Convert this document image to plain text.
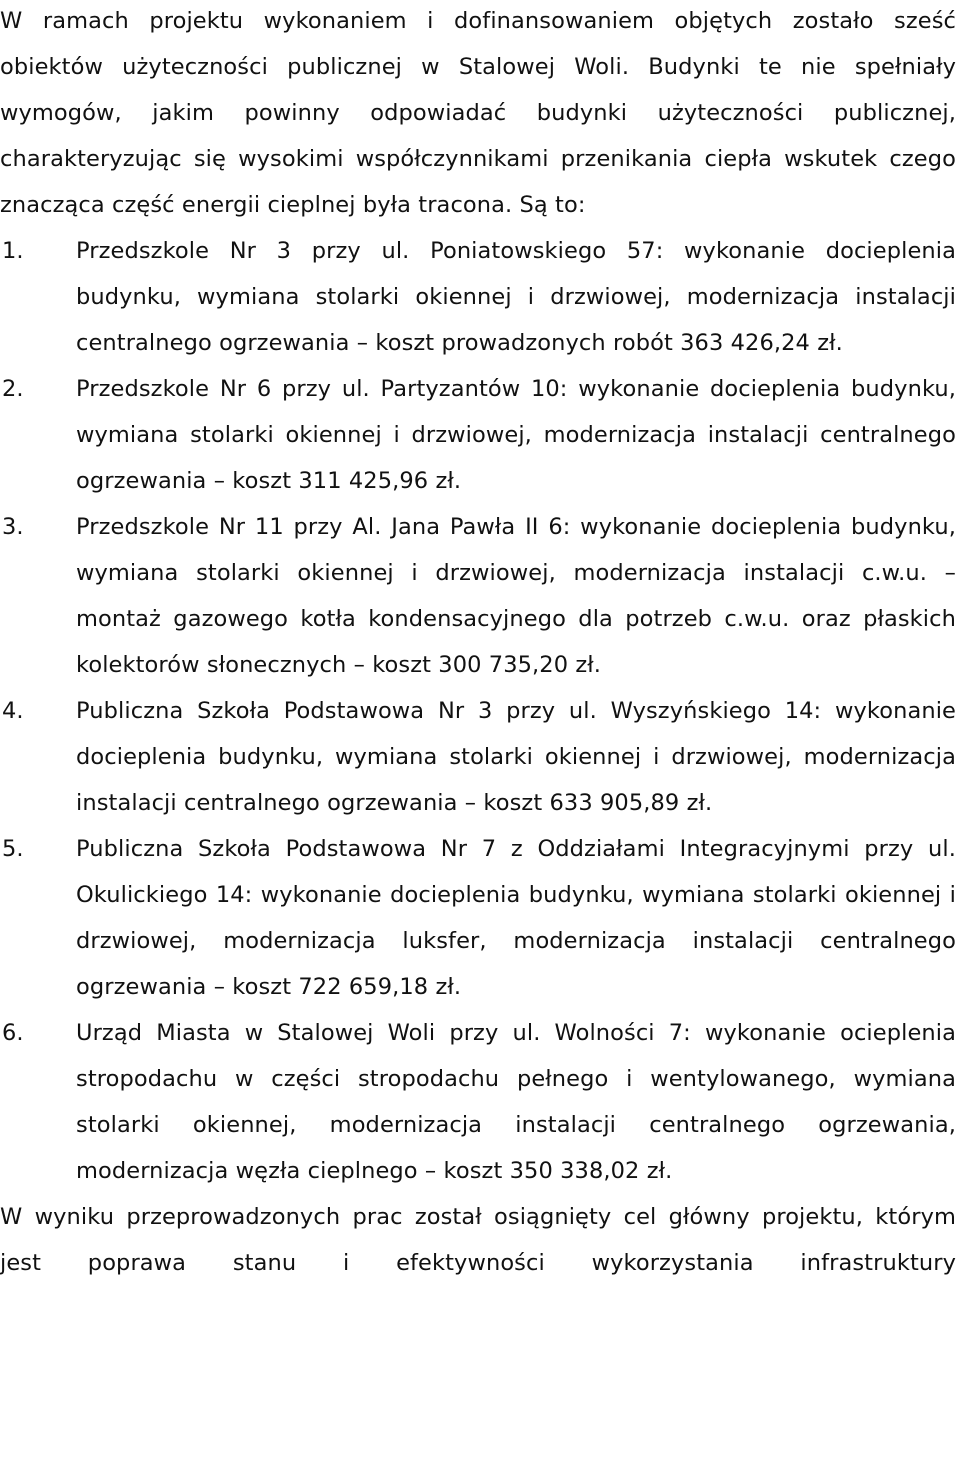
W ramach projektu wykonaniem i dofinansowaniem objętych zostało sześć obiektów użyteczności publicznej w Stalowej Woli. Budynki te nie spełniały wymogów, jakim powinny odpowiadać budynki użyteczności publicznej, charakteryzując się wysokimi współczynnikami przenikania ciepła wskutek czego znacząca część energii cieplnej była tracona. Są to:

1. Przedszkole Nr 3 przy ul. Poniatowskiego 57: wykonanie docieplenia budynku, wymiana stolarki okiennej i drzwiowej, modernizacja instalacji centralnego ogrzewania – koszt prowadzonych robót 363 426,24 zł.
2. Przedszkole Nr 6 przy ul. Partyzantów 10: wykonanie docieplenia budynku, wymiana stolarki okiennej i drzwiowej, modernizacja instalacji centralnego ogrzewania – koszt 311 425,96 zł.
3. Przedszkole Nr 11 przy Al. Jana Pawła II 6: wykonanie docieplenia budynku, wymiana stolarki okiennej i drzwiowej, modernizacja instalacji c.w.u. – montaż gazowego kotła kondensacyjnego dla potrzeb c.w.u. oraz płaskich kolektorów słonecznych – koszt 300 735,20 zł.
4. Publiczna Szkoła Podstawowa Nr 3 przy ul. Wyszyńskiego 14: wykonanie docieplenia budynku, wymiana stolarki okiennej i drzwiowej, modernizacja instalacji centralnego ogrzewania – koszt 633 905,89 zł.
5. Publiczna Szkoła Podstawowa Nr 7 z Oddziałami Integracyjnymi przy ul. Okulickiego 14: wykonanie docieplenia budynku, wymiana stolarki okiennej i drzwiowej, modernizacja luksfer, modernizacja instalacji centralnego ogrzewania – koszt 722 659,18 zł.
6. Urząd Miasta w Stalowej Woli przy ul. Wolności 7: wykonanie ocieplenia stropodachu w części stropodachu pełnego i wentylowanego, wymiana stolarki okiennej, modernizacja instalacji centralnego ogrzewania, modernizacja węzła cieplnego – koszt 350 338,02 zł.

W wyniku przeprowadzonych prac został osiągnięty cel główny projektu, którym jest poprawa stanu i efektywności wykorzystania infrastruktury
